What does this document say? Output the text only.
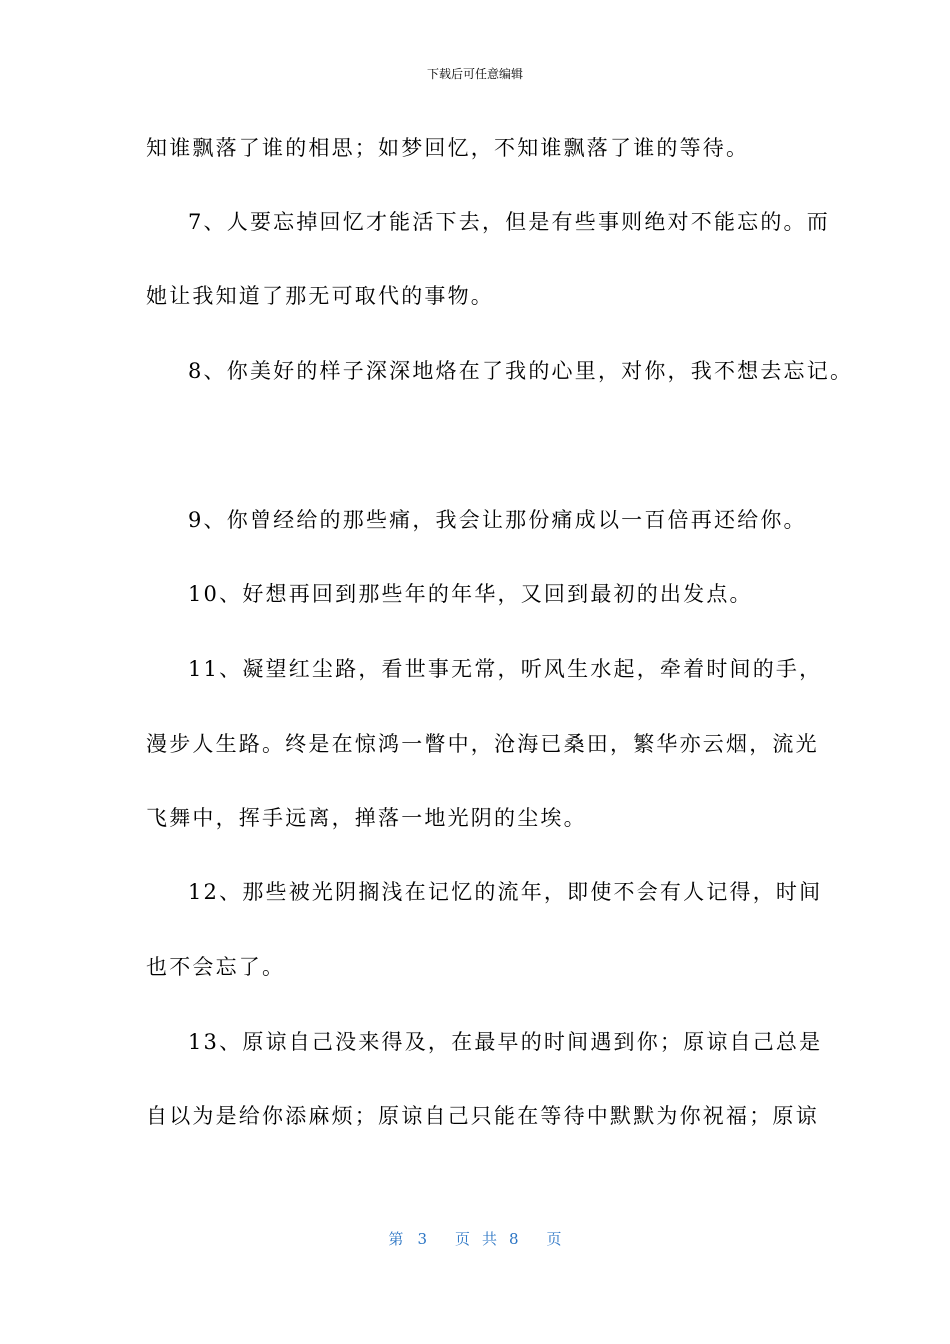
下载后可任意编辑
知谁飘落了谁的相思；如梦回忆，不知谁飘落了谁的等待。
7、人要忘掉回忆才能活下去，但是有些事则绝对不能忘的。而
她让我知道了那无可取代的事物。
8、你美好的样子深深地烙在了我的心里，对你，我不想去忘记。
9、你曾经给的那些痛，我会让那份痛成以一百倍再还给你。
10、好想再回到那些年的年华，又回到最初的出发点。
11、凝望红尘路，看世事无常，听风生水起，牵着时间的手，
漫步人生路。终是在惊鸿一瞥中，沧海已桑田，繁华亦云烟，流光
飞舞中，挥手远离，掸落一地光阴的尘埃。
12、那些被光阴搁浅在记忆的流年，即使不会有人记得，时间
也不会忘了。
13、原谅自己没来得及，在最早的时间遇到你；原谅自己总是
自以为是给你添麻烦；原谅自己只能在等待中默默为你祝福；原谅
第 3 页共8 页
